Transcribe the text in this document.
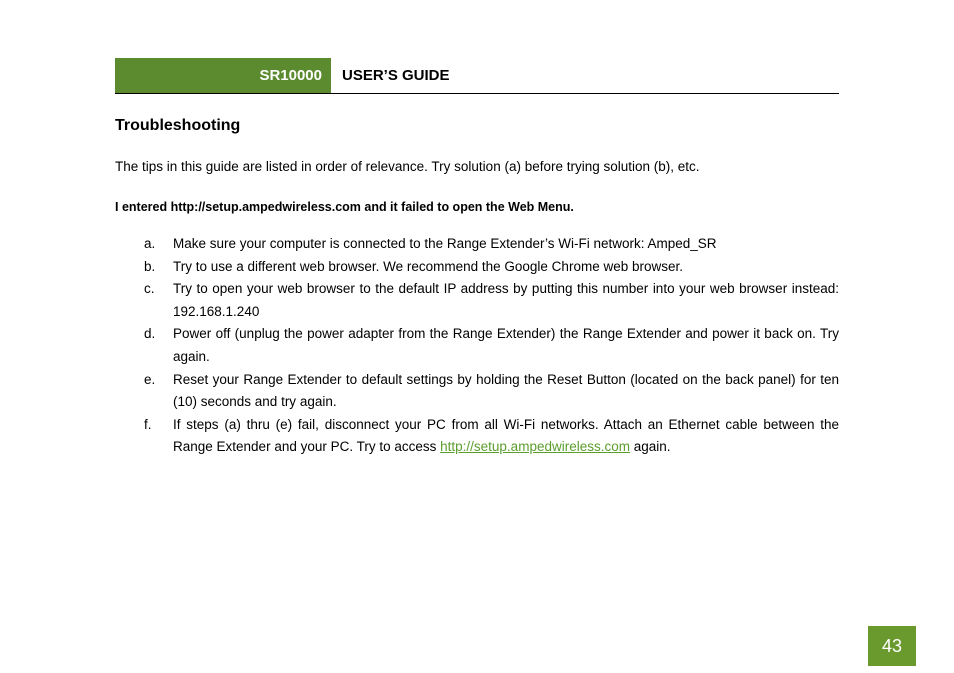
SR10000	USER’S GUIDE
Troubleshooting
The tips in this guide are listed in order of relevance. Try solution (a) before trying solution (b), etc.
I entered http://setup.ampedwireless.com and it failed to open the Web Menu.
a.	Make sure your computer is connected to the Range Extender’s Wi-Fi network: Amped_SR
b.	Try to use a different web browser. We recommend the Google Chrome web browser.
c.	Try to open your web browser to the default IP address by putting this number into your web browser instead: 192.168.1.240
d.	Power off (unplug the power adapter from the Range Extender) the Range Extender and power it back on. Try again.
e.	Reset your Range Extender to default settings by holding the Reset Button (located on the back panel) for ten (10) seconds and try again.
f.	If steps (a) thru (e) fail, disconnect your PC from all Wi-Fi networks. Attach an Ethernet cable between the Range Extender and your PC. Try to access http://setup.ampedwireless.com again.
43
